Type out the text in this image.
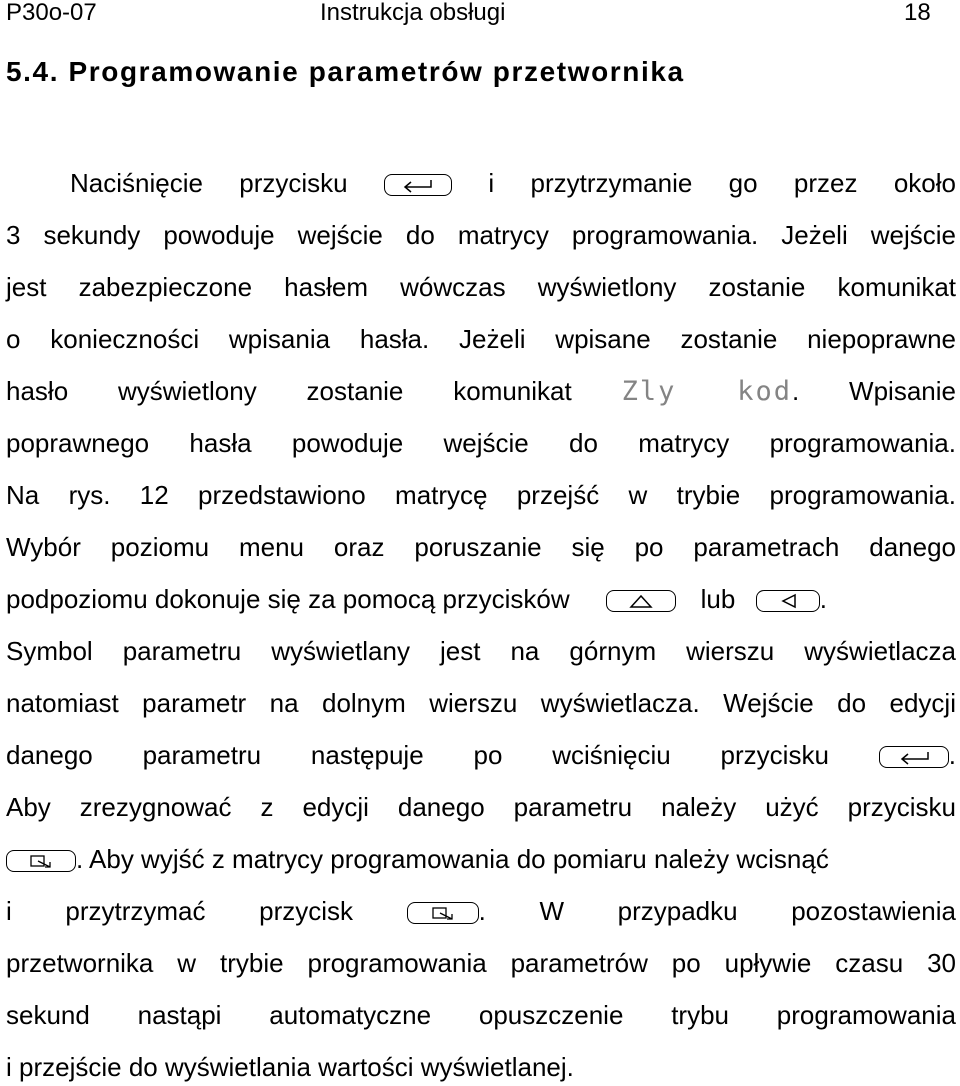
P30o-07	Instrukcja obsługi	18
5.4. Programowanie parametrów przetwornika
Naciśnięcie przycisku	i przytrzymanie go przez około
3 sekundy powoduje wejście do matrycy programowania. Jeżeli wejście
jest zabezpieczone hasłem wówczas wyświetlony zostanie komunikat
o konieczności wpisania hasła. Jeżeli wpisane zostanie niepoprawne
hasło wyświetlony zostanie komunikat Zly kod. Wpisanie
poprawnego hasła powoduje wejście do matrycy programowania.
Na rys. 12 przedstawiono matrycę przejść w trybie programowania.
Wybór poziomu menu oraz poruszanie się po parametrach danego
podpoziomu dokonuje się za pomocą przycisków	lub	.
Symbol parametru wyświetlany jest na górnym wierszu wyświetlacza
natomiast parametr na dolnym wierszu wyświetlacza. Wejście do edycji
danego parametru następuje po wciśnięciu przycisku	.
Aby zrezygnować z edycji danego parametru należy użyć przycisku
. Aby wyjść z matrycy programowania do pomiaru należy wcisnąć
i przytrzymać przycisk	. W przypadku pozostawienia
przetwornika w trybie programowania parametrów po upływie czasu 30
sekund nastąpi automatyczne opuszczenie trybu programowania
i przejście do wyświetlania wartości wyświetlanej.
